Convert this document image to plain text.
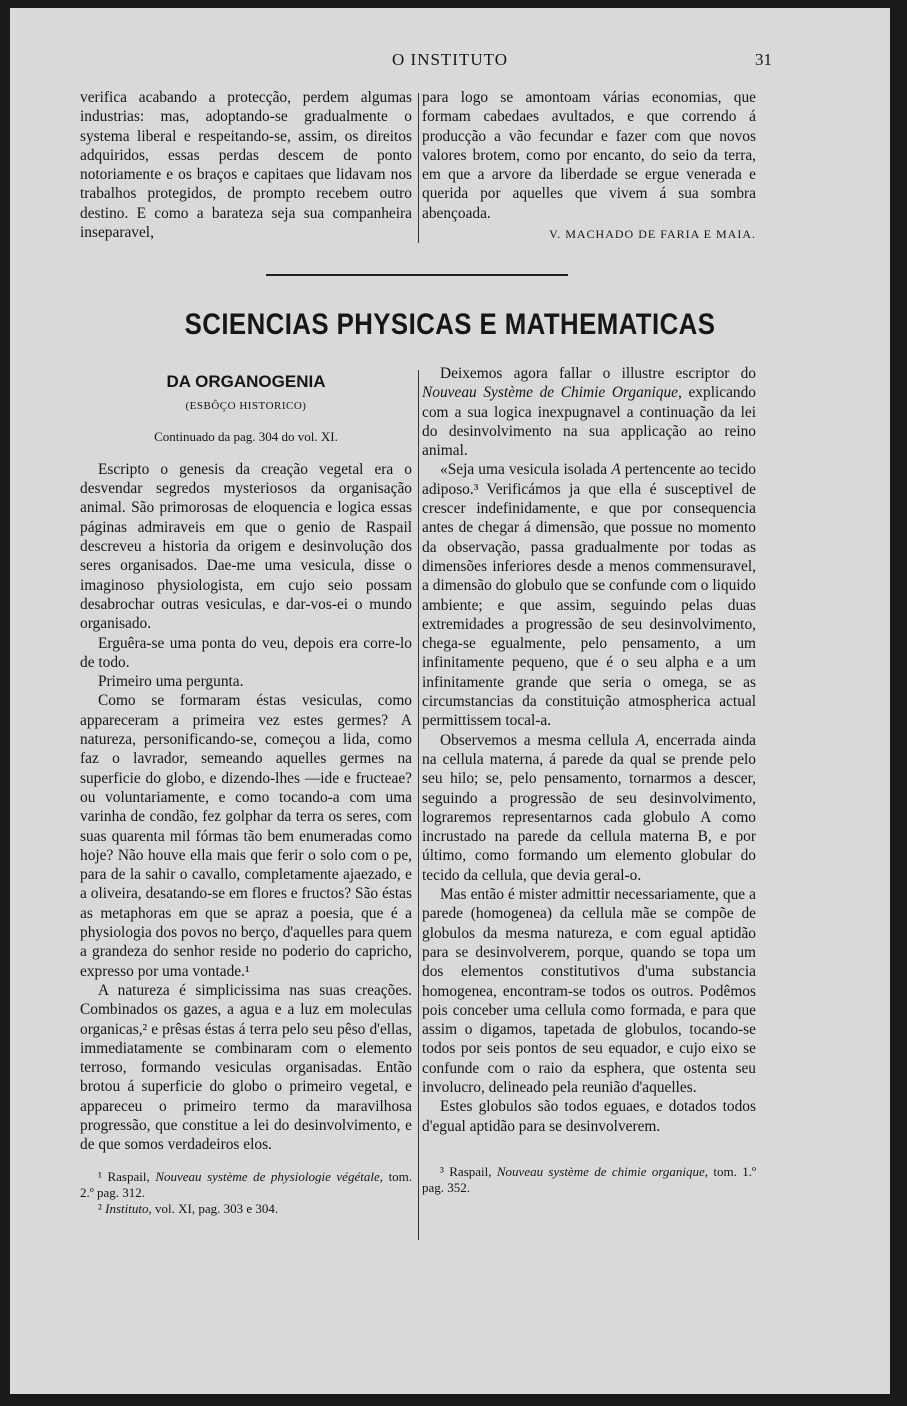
O INSTITUTO	31

verifica acabando a protecção, perdem algumas industrias: mas, adoptando-se gradualmente o systema liberal e respeitando-se, assim, os direitos adquiridos, essas perdas descem de ponto notoriamente e os braços e capitaes que lidavam nos trabalhos protegidos, de prompto recebem outro destino. E como a barateza seja sua companheira inseparavel,

para logo se amontoam várias economias, que formam cabedaes avultados, e que correndo á producção a vão fecundar e fazer com que novos valores brotem, como por encanto, do seio da terra, em que a arvore da liberdade se ergue venerada e querida por aquelles que vivem á sua sombra abençoada.

V. MACHADO DE FARIA E MAIA.

SCIENCIAS PHYSICAS E MATHEMATICAS

DA ORGANOGENIA

(ESBÔÇO HISTORICO)

Continuado da pag. 304 do vol. XI.

Escripto o genesis da creação vegetal era o desvendar segredos mysteriosos da organisação animal. São primorosas de eloquencia e logica essas páginas admiraveis em que o genio de Raspail descreveu a historia da origem e desinvolução dos seres organisados. Dae-me uma vesicula, disse o imaginoso physiologista, em cujo seio possam desabrochar outras vesiculas, e dar-vos-ei o mundo organisado.

Erguêra-se uma ponta do veu, depois era corre-lo de todo.

Primeiro uma pergunta.

Como se formaram éstas vesiculas, como appareceram a primeira vez estes germes? A natureza, personificando-se, começou a lida, como faz o lavrador, semeando aquelles germes na superficie do globo, e dizendo-lhes —ide e fructeae? ou voluntariamente, e como tocando-a com uma varinha de condão, fez golphar da terra os seres, com suas quarenta mil fórmas tão bem enumeradas como hoje? Não houve ella mais que ferir o solo com o pe, para de la sahir o cavallo, completamente ajaezado, e a oliveira, desatando-se em flores e fructos? São éstas as metaphoras em que se apraz a poesia, que é a physiologia dos povos no berço, d'aquelles para quem a grandeza do senhor reside no poderio do capricho, expresso por uma vontade.¹

A natureza é simplicissima nas suas creações. Combinados os gazes, a agua e a luz em moleculas organicas,² e prêsas éstas á terra pelo seu pêso d'ellas, immediatamente se combinaram com o elemento terroso, formando vesiculas organisadas. Então brotou á superficie do globo o primeiro vegetal, e appareceu o primeiro termo da maravilhosa progressão, que constitue a lei do desinvolvimento, e de que somos verdadeiros elos.

¹ Raspail, Nouveau système de physiologie végétale, tom. 2.º pag. 312.

² Instituto, vol. XI, pag. 303 e 304.

Deixemos agora fallar o illustre escriptor do Nouveau Système de Chimie Organique, explicando com a sua logica inexpugnavel a continuação da lei do desinvolvimento na sua applicação ao reino animal.

«Seja uma vesicula isolada A pertencente ao tecido adiposo.³ Verificámos ja que ella é susceptivel de crescer indefinidamente, e que por consequencia antes de chegar á dimensão, que possue no momento da observação, passa gradualmente por todas as dimensões inferiores desde a menos commensuravel, a dimensão do globulo que se confunde com o liquido ambiente; e que assim, seguindo pelas duas extremidades a progressão de seu desinvolvimento, chega-se egualmente, pelo pensamento, a um infinitamente pequeno, que é o seu alpha e a um infinitamente grande que seria o omega, se as circumstancias da constituição atmospherica actual permittissem tocal-a.

Observemos a mesma cellula A, encerrada ainda na cellula materna, á parede da qual se prende pelo seu hilo; se, pelo pensamento, tornarmos a descer, seguindo a progressão de seu desinvolvimento, lograremos representarnos cada globulo A como incrustado na parede da cellula materna B, e por último, como formando um elemento globular do tecido da cellula, que devia geral-o.

Mas então é mister admittir necessariamente, que a parede (homogenea) da cellula mãe se compõe de globulos da mesma natureza, e com egual aptidão para se desinvolverem, porque, quando se topa um dos elementos constitutivos d'uma substancia homogenea, encontram-se todos os outros. Podêmos pois conceber uma cellula como formada, e para que assim o digamos, tapetada de globulos, tocando-se todos por seis pontos de seu equador, e cujo eixo se confunde com o raio da esphera, que ostenta seu involucro, delineado pela reunião d'aquelles.

Estes globulos são todos eguaes, e dotados todos d'egual aptidão para se desinvolverem.

³ Raspail, Nouveau système de chimie organique, tom. 1.º pag. 352.
